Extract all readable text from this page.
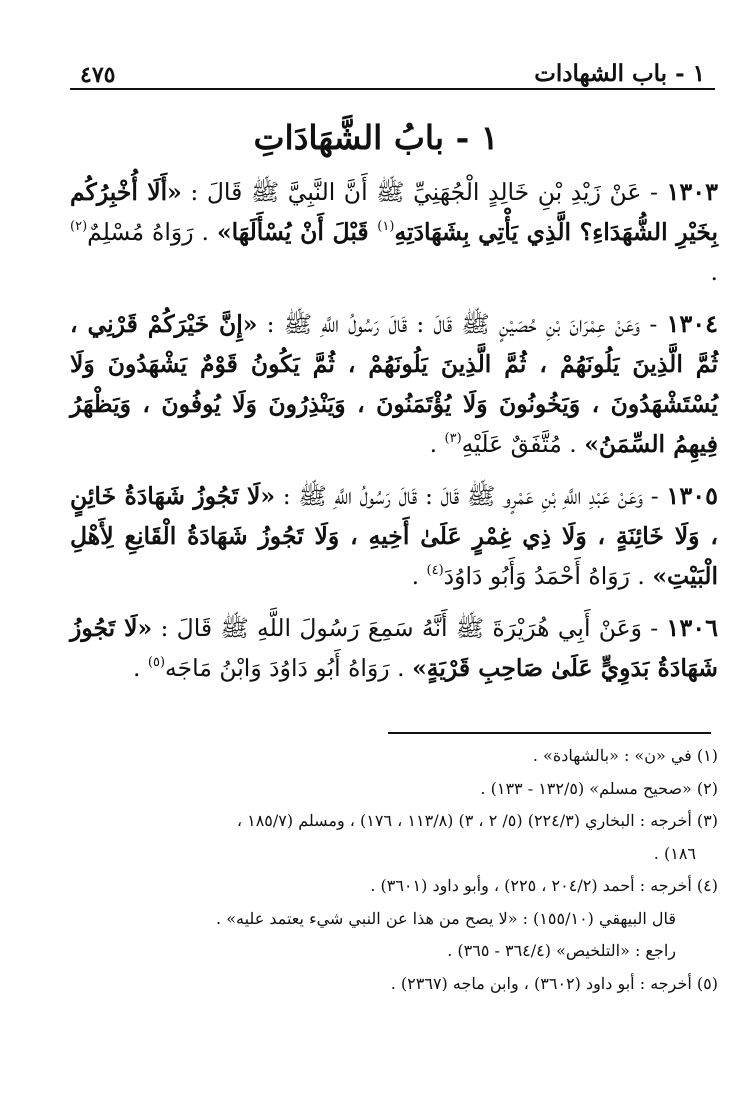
٤٧٥	١ - باب الشهادات
١ - بابُ الشَّهَادَاتِ

١٣٠٣ - عَنْ زَيْدِ بْنِ خَالِدٍ الْجُهَنِيِّ ﷺ أَنَّ النَّبِيَّ ﷺ قَالَ : «أَلَا أُخْبِرُكُم بِخَيْرِ الشُّهَدَاءِ؟ الَّذِي يَأْتِي بِشَهَادَتِهِ$^{(١)}$ قَبْلَ أَنْ يُسْأَلَهَا» . رَوَاهُ مُسْلِمٌ$^{(٢)}$ .

١٣٠٤ - وَعَنْ عِمْرَانَ بْنِ حُصَيْنٍ ﷺ قَالَ : قَالَ رَسُولُ اللَّهِ ﷺ : «إِنَّ خَيْرَكُمْ قَرْنِي ، ثُمَّ الَّذِينَ يَلُونَهُمْ ، ثُمَّ الَّذِينَ يَلُونَهُمْ ، ثُمَّ يَكُونُ قَوْمٌ يَشْهَدُونَ وَلَا يُسْتَشْهَدُونَ ، وَيَخُونُونَ وَلَا يُؤْتَمَنُونَ ، وَيَنْذِرُونَ وَلَا يُوفُونَ ، وَيَظْهَرُ فِيهِمُ السِّمَنُ» . مُتَّفَقٌ عَلَيْهِ$^{(٣)}$ .

١٣٠٥ - وَعَنْ عَبْدِ اللَّهِ بْنِ عَمْرٍو ﷺ قَالَ : قَالَ رَسُولُ اللَّهِ ﷺ : «لَا تَجُوزُ شَهَادَةُ خَائِنٍ ، وَلَا خَائِنَةٍ ، وَلَا ذِي غِمْرٍ عَلَىٰ أَخِيهِ ، وَلَا تَجُوزُ شَهَادَةُ الْقَانِعِ لِأَهْلِ الْبَيْتِ» . رَوَاهُ أَحْمَدُ وَأَبُو دَاوُدَ$^{(٤)}$ .

١٣٠٦ - وَعَنْ أَبِي هُرَيْرَةَ ﷺ أَنَّهُ سَمِعَ رَسُولَ اللَّهِ ﷺ قَالَ : «لَا تَجُوزُ شَهَادَةُ بَدَوِيٍّ عَلَىٰ صَاحِبِ قَرْيَةٍ» . رَوَاهُ أَبُو دَاوُدَ وَابْنُ مَاجَه$^{(٥)}$ .

(١) في «ن» : «بالشهادة» .

(٢) «صحيح مسلم» (١٣٢/٥ - ١٣٣) .

(٣) أخرجه : البخاري (٢٢٤/٣) (٥/ ٢ ، ٣) (١١٣/٨ ، ١٧٦) ، ومسلم (١٨٥/٧ ،

١٨٦) .

(٤) أخرجه : أحمد (٢٠٤/٢ ، ٢٢٥) ، وأبو داود (٣٦٠١) .

قال البيهقي (١٥٥/١٠) : «لا يصح من هذا عن النبي شيء يعتمد عليه» .

راجع : «التلخيص» (٣٦٤/٤ - ٣٦٥) .

(٥) أخرجه : أبو داود (٣٦٠٢) ، وابن ماجه (٢٣٦٧) .
